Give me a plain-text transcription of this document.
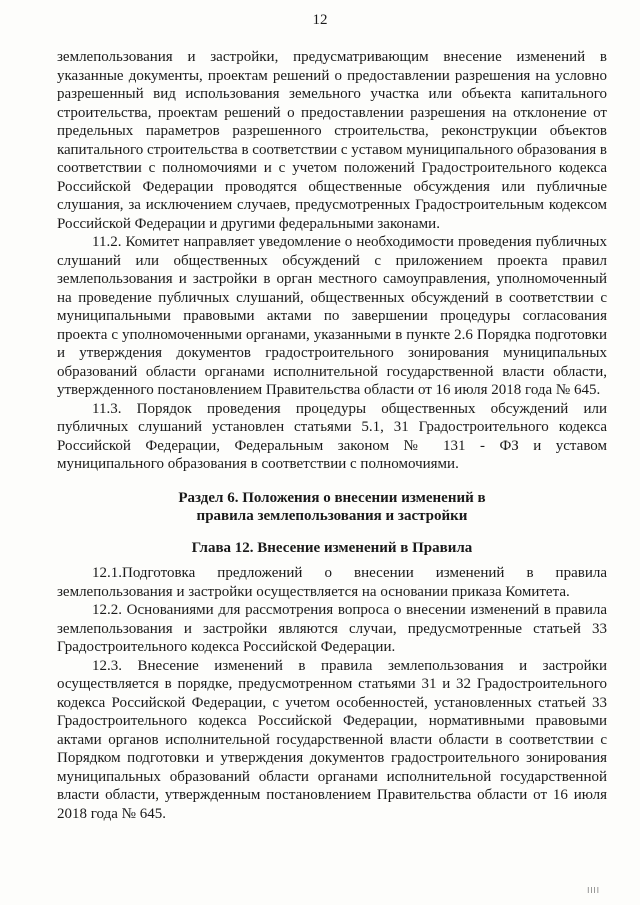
12

землепользования и застройки, предусматривающим внесение изменений в указанные документы, проектам решений о предоставлении разрешения на условно разрешенный вид использования земельного участка или объекта капитального строительства, проектам решений о предоставлении разрешения на отклонение от предельных параметров разрешенного строительства, реконструкции объектов капитального строительства в соответствии с уставом муниципального образования в соответствии с полномочиями и с учетом положений Градостроительного кодекса Российской Федерации проводятся общественные обсуждения или публичные слушания, за исключением случаев, предусмотренных Градостроительным кодексом Российской Федерации и другими федеральными законами.

11.2. Комитет направляет уведомление о необходимости проведения публичных слушаний или общественных обсуждений с приложением проекта правил землепользования и застройки в орган местного самоуправления, уполномоченный на проведение публичных слушаний, общественных обсуждений в соответствии с муниципальными правовыми актами по завершении процедуры согласования проекта с уполномоченными органами, указанными в пункте 2.6 Порядка подготовки и утверждения документов градостроительного зонирования муниципальных образований области органами исполнительной государственной власти области, утвержденного постановлением Правительства области от 16 июля 2018 года № 645.

11.3. Порядок проведения процедуры общественных обсуждений или публичных слушаний установлен статьями 5.1, 31 Градостроительного кодекса Российской Федерации, Федеральным законом № 131 - ФЗ и уставом муниципального образования в соответствии с полномочиями.

Раздел 6. Положения о внесении изменений в
правила землепользования и застройки
Глава 12. Внесение изменений в Правила

12.1.Подготовка предложений о внесении изменений в правила землепользования и застройки осуществляется на основании приказа Комитета.

12.2. Основаниями для рассмотрения вопроса о внесении изменений в правила землепользования и застройки являются случаи, предусмотренные статьей 33 Градостроительного кодекса Российской Федерации.

12.3. Внесение изменений в правила землепользования и застройки осуществляется в порядке, предусмотренном статьями 31 и 32 Градостроительного кодекса Российской Федерации, с учетом особенностей, установленных статьей 33 Градостроительного кодекса Российской Федерации, нормативными правовыми актами органов исполнительной государственной власти области в соответствии с Порядком подготовки и утверждения документов градостроительного зонирования муниципальных образований области органами исполнительной государственной власти области, утвержденным постановлением Правительства области от 16 июля 2018 года № 645.

IIII
